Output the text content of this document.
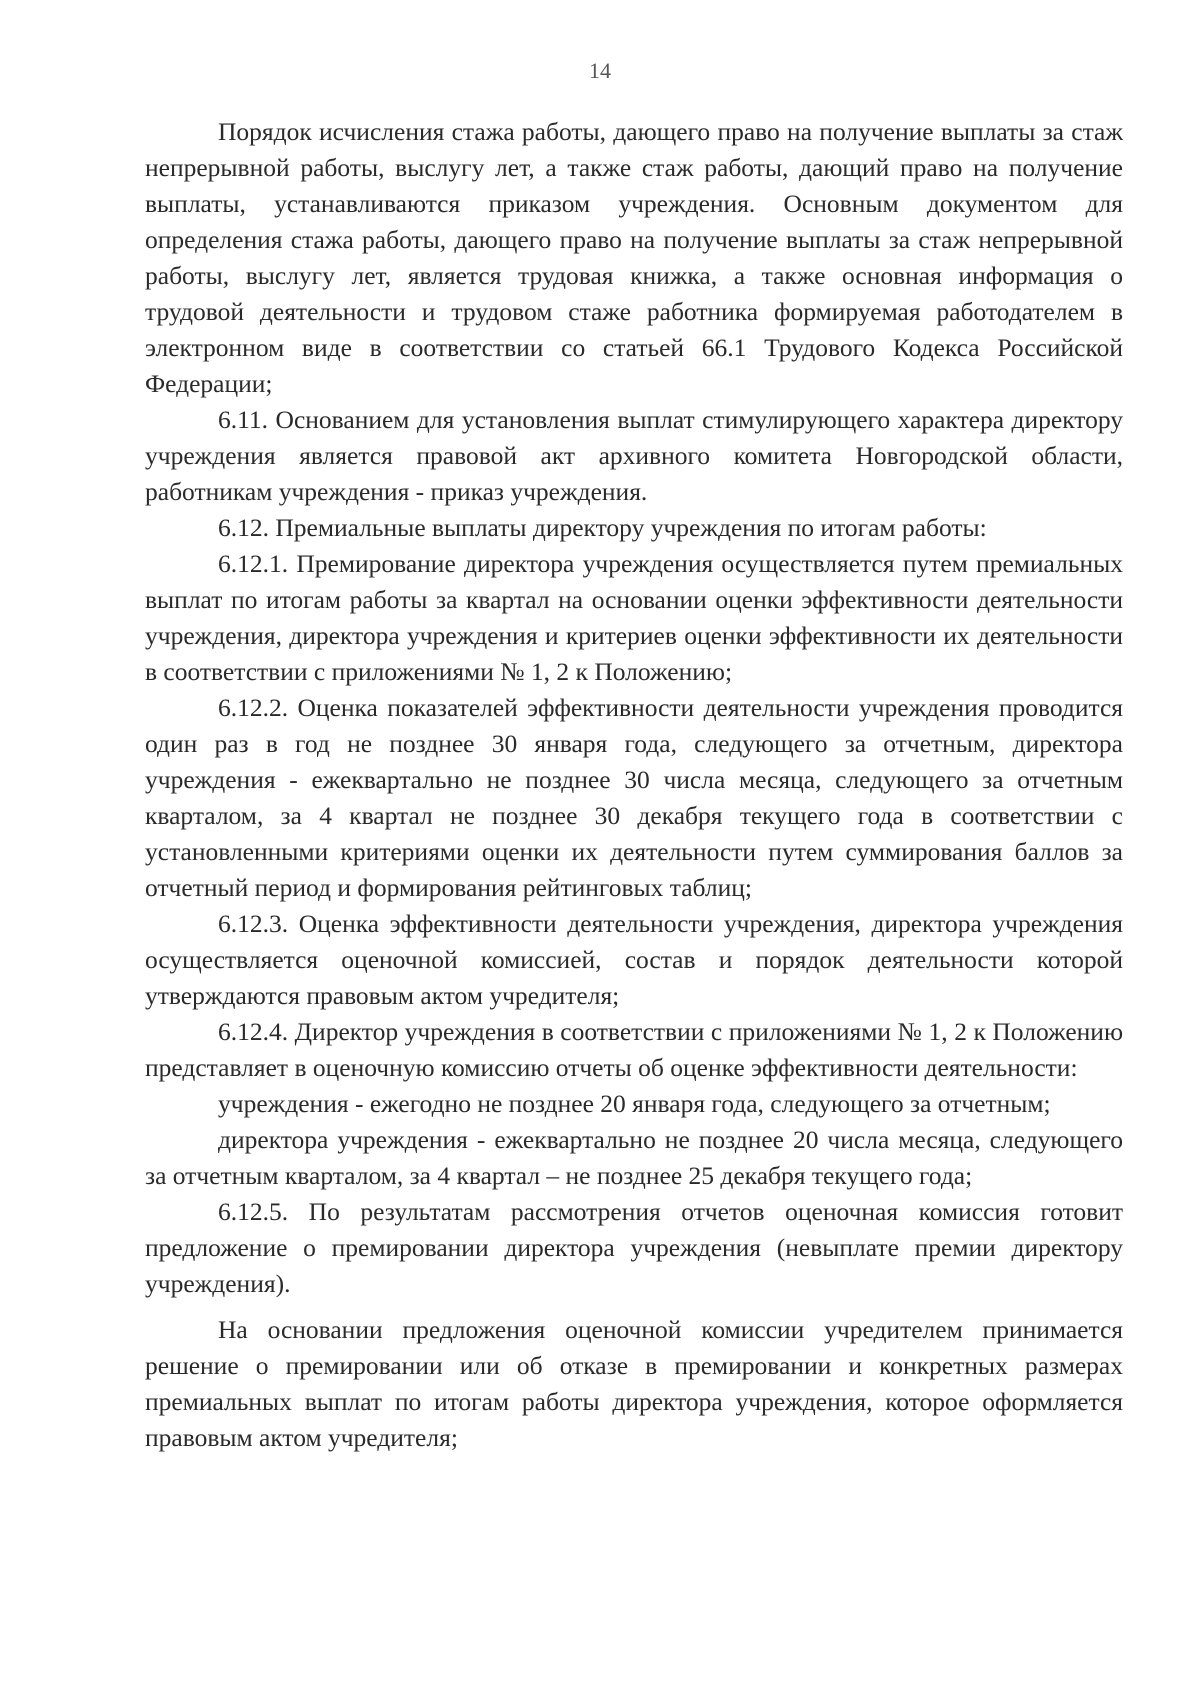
14

Порядок исчисления стажа работы, дающего право на получение выплаты за стаж непрерывной работы, выслугу лет, а также стаж работы, дающий право на получение выплаты, устанавливаются приказом учреждения. Основным документом для определения стажа работы, дающего право на получение выплаты за стаж непрерывной работы, выслугу лет, является трудовая книжка, а также основная информация о трудовой деятельности и трудовом стаже работника формируемая работодателем в электронном виде в соответствии со статьей 66.1 Трудового Кодекса Российской Федерации;

6.11. Основанием для установления выплат стимулирующего характера директору учреждения является правовой акт архивного комитета Новгородской области, работникам учреждения - приказ учреждения.

6.12. Премиальные выплаты директору учреждения по итогам работы:

6.12.1. Премирование директора учреждения осуществляется путем премиальных выплат по итогам работы за квартал на основании оценки эффективности деятельности учреждения, директора учреждения и критериев оценки эффективности их деятельности в соответствии с приложениями № 1, 2 к Положению;

6.12.2. Оценка показателей эффективности деятельности учреждения проводится один раз в год не позднее 30 января года, следующего за отчетным, директора учреждения - ежеквартально не позднее 30 числа месяца, следующего за отчетным кварталом, за 4 квартал не позднее 30 декабря текущего года в соответствии с установленными критериями оценки их деятельности путем суммирования баллов за отчетный период и формирования рейтинговых таблиц;

6.12.3. Оценка эффективности деятельности учреждения, директора учреждения осуществляется оценочной комиссией, состав и порядок деятельности которой утверждаются правовым актом учредителя;

6.12.4. Директор учреждения в соответствии с приложениями № 1, 2 к Положению представляет в оценочную комиссию отчеты об оценке эффективности деятельности:

учреждения - ежегодно не позднее 20 января года, следующего за отчетным;

директора учреждения - ежеквартально не позднее 20 числа месяца, следующего за отчетным кварталом, за 4 квартал – не позднее 25 декабря текущего года;

6.12.5. По результатам рассмотрения отчетов оценочная комиссия готовит предложение о премировании директора учреждения (невыплате премии директору учреждения).

На основании предложения оценочной комиссии учредителем принимается решение о премировании или об отказе в премировании и конкретных размерах премиальных выплат по итогам работы директора учреждения, которое оформляется правовым актом учредителя;
